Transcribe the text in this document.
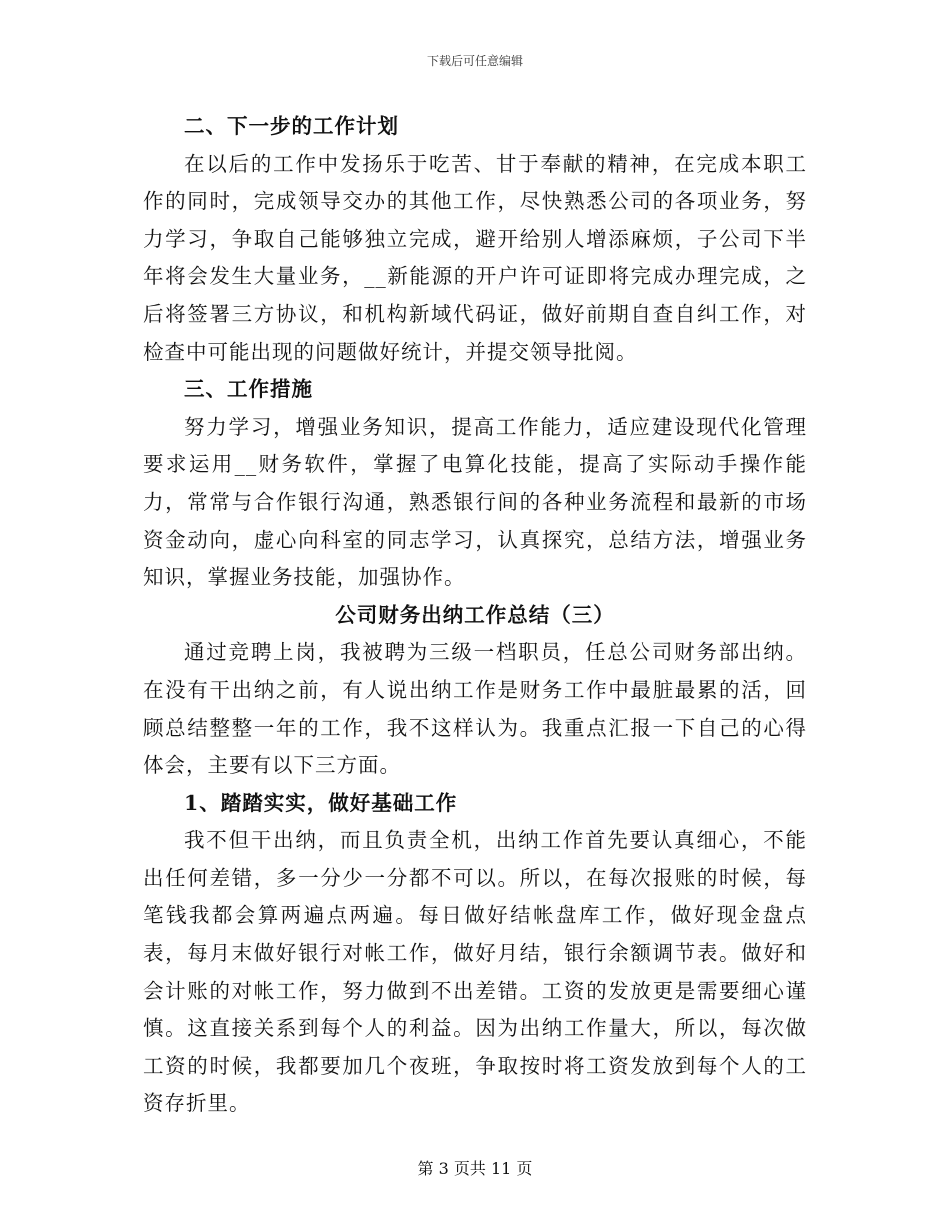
下载后可任意编辑

二、下一步的工作计划

在以后的工作中发扬乐于吃苦、甘于奉献的精神，在完成本职工作的同时，完成领导交办的其他工作，尽快熟悉公司的各项业务，努力学习，争取自己能够独立完成，避开给别人增添麻烦，子公司下半年将会发生大量业务，__新能源的开户许可证即将完成办理完成，之后将签署三方协议，和机构新域代码证，做好前期自查自纠工作，对检查中可能出现的问题做好统计，并提交领导批阅。

三、工作措施

努力学习，增强业务知识，提高工作能力，适应建设现代化管理要求运用__财务软件，掌握了电算化技能，提高了实际动手操作能力，常常与合作银行沟通，熟悉银行间的各种业务流程和最新的市场资金动向，虚心向科室的同志学习，认真探究，总结方法，增强业务知识，掌握业务技能，加强协作。

公司财务出纳工作总结（三）

通过竞聘上岗，我被聘为三级一档职员，任总公司财务部出纳。在没有干出纳之前，有人说出纳工作是财务工作中最脏最累的活，回顾总结整整一年的工作，我不这样认为。我重点汇报一下自己的心得体会，主要有以下三方面。

1、踏踏实实，做好基础工作

我不但干出纳，而且负责全机，出纳工作首先要认真细心，不能出任何差错，多一分少一分都不可以。所以，在每次报账的时候，每笔钱我都会算两遍点两遍。每日做好结帐盘库工作，做好现金盘点表，每月末做好银行对帐工作，做好月结，银行余额调节表。做好和会计账的对帐工作，努力做到不出差错。工资的发放更是需要细心谨慎。这直接关系到每个人的利益。因为出纳工作量大，所以，每次做工资的时候，我都要加几个夜班，争取按时将工资发放到每个人的工资存折里。

第 3 页共 11 页
